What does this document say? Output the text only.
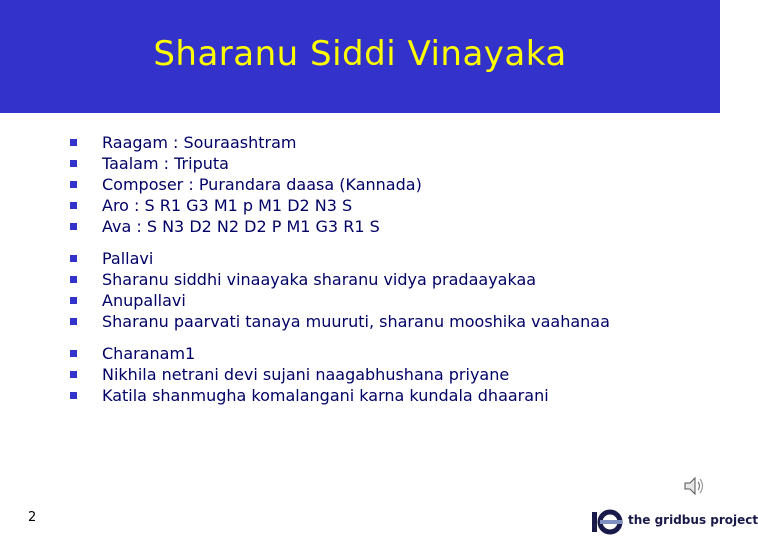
Sharanu Siddi Vinayaka
Raagam : Souraashtram
Taalam : Triputa
Composer : Purandara daasa (Kannada)
Aro : S R1 G3 M1 p M1 D2 N3 S
Ava : S N3 D2 N2 D2 P M1 G3 R1 S
Pallavi
Sharanu siddhi vinaayaka sharanu vidya pradaayakaa
Anupallavi
Sharanu paarvati tanaya muuruti, sharanu mooshika vaahanaa
Charanam1
Nikhila netrani devi sujani naagabhushana priyane
Katila shanmugha komalangani karna kundala dhaarani
2	the gridbus project
